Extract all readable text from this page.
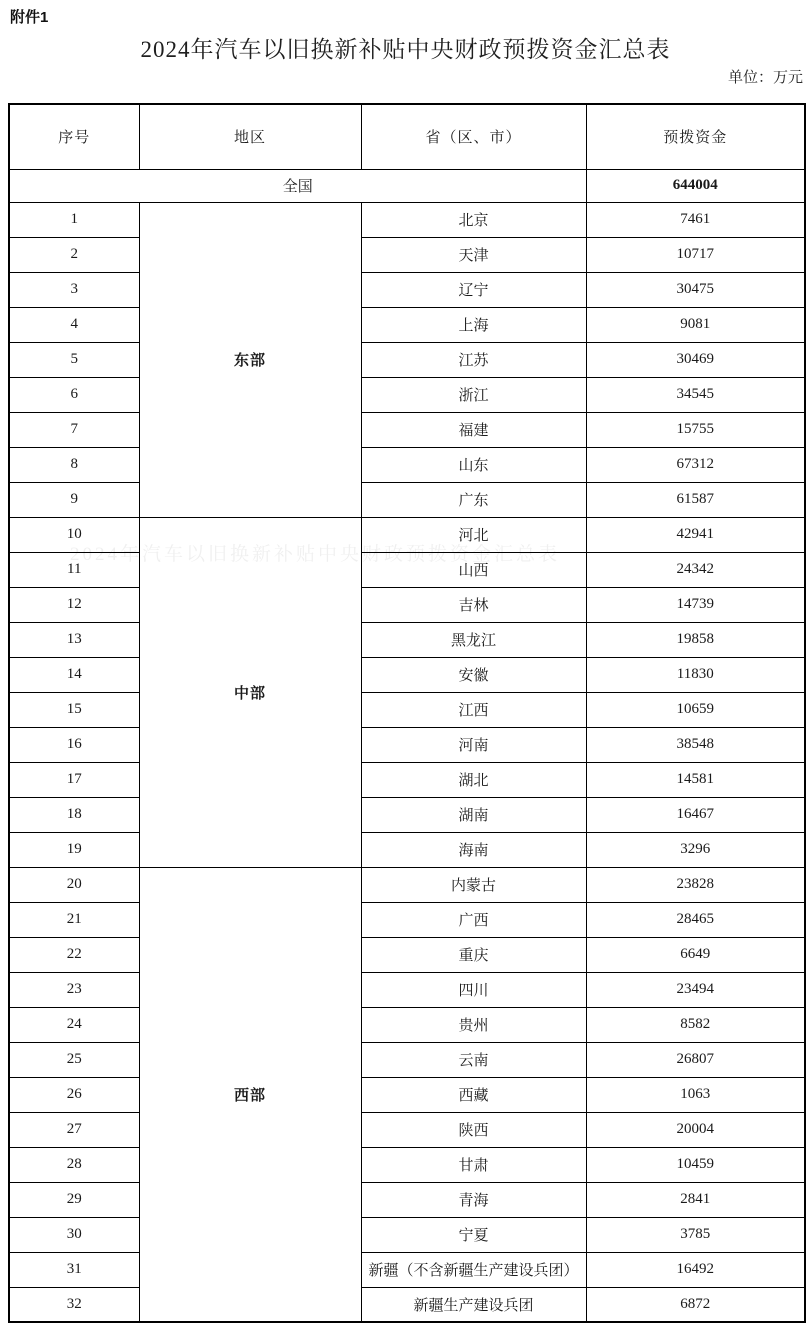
附件1
2024年汽车以旧换新补贴中央财政预拨资金汇总表
单位：万元
序号	地区	省（区、市）	预拨资金
全国			644004
1	东部	北京	7461
2		天津	10717
3		辽宁	30475
4		上海	9081
5		江苏	30469
6		浙江	34545
7		福建	15755
8		山东	67312
9		广东	61587
10	中部	河北	42941
11		山西	24342
12		吉林	14739
13		黑龙江	19858
14		安徽	11830
15		江西	10659
16		河南	38548
17		湖北	14581
18		湖南	16467
19		海南	3296
20	西部	内蒙古	23828
21		广西	28465
22		重庆	6649
23		四川	23494
24		贵州	8582
25		云南	26807
26		西藏	1063
27		陕西	20004
28		甘肃	10459
29		青海	2841
30		宁夏	3785
31		新疆（不含新疆生产建设兵团）	16492
32		新疆生产建设兵团	6872
